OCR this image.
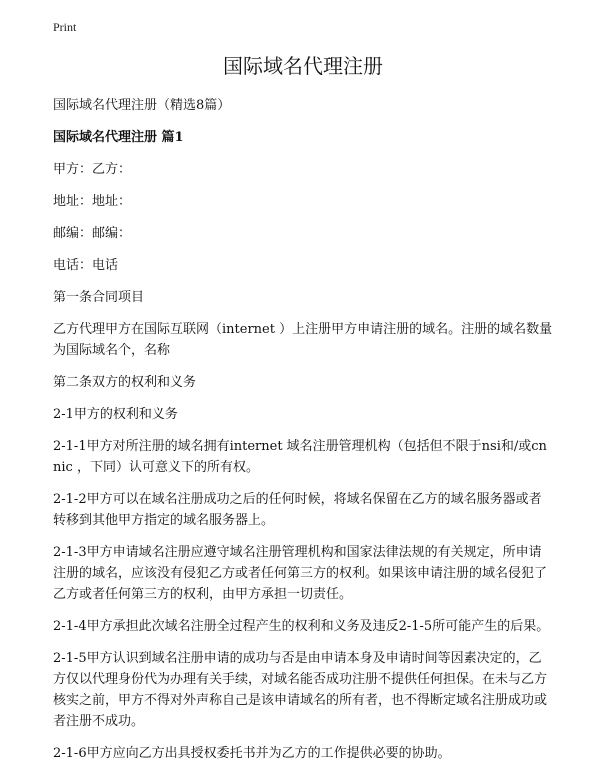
Print
国际域名代理注册

国际域名代理注册（精选8篇）

国际域名代理注册 篇1

甲方：乙方：

地址：地址：

邮编：邮编：

电话：电话

第一条合同项目

乙方代理甲方在国际互联网（internet ）上注册甲方申请注册的域名。注册的域名数量为国际域名个，名称

第二条双方的权利和义务

2-1甲方的权利和义务

2-1-1甲方对所注册的域名拥有internet 域名注册管理机构（包括但不限于nsi和/或cnnic ，下同）认可意义下的所有权。

2-1-2甲方可以在域名注册成功之后的任何时候，将域名保留在乙方的域名服务器或者转移到其他甲方指定的域名服务器上。

2-1-3甲方申请域名注册应遵守域名注册管理机构和国家法律法规的有关规定，所申请注册的域名，应该没有侵犯乙方或者任何第三方的权利。如果该申请注册的域名侵犯了乙方或者任何第三方的权利，由甲方承担一切责任。

2-1-4甲方承担此次域名注册全过程产生的权利和义务及违反2-1-5所可能产生的后果。

2-1-5甲方认识到域名注册申请的成功与否是由申请本身及申请时间等因素决定的，乙方仅以代理身份代为办理有关手续，对域名能否成功注册不提供任何担保。在未与乙方核实之前，甲方不得对外声称自己是该申请域名的所有者，也不得断定域名注册成功或者注册不成功。

2-1-6甲方应向乙方出具授权委托书并为乙方的工作提供必要的协助。
